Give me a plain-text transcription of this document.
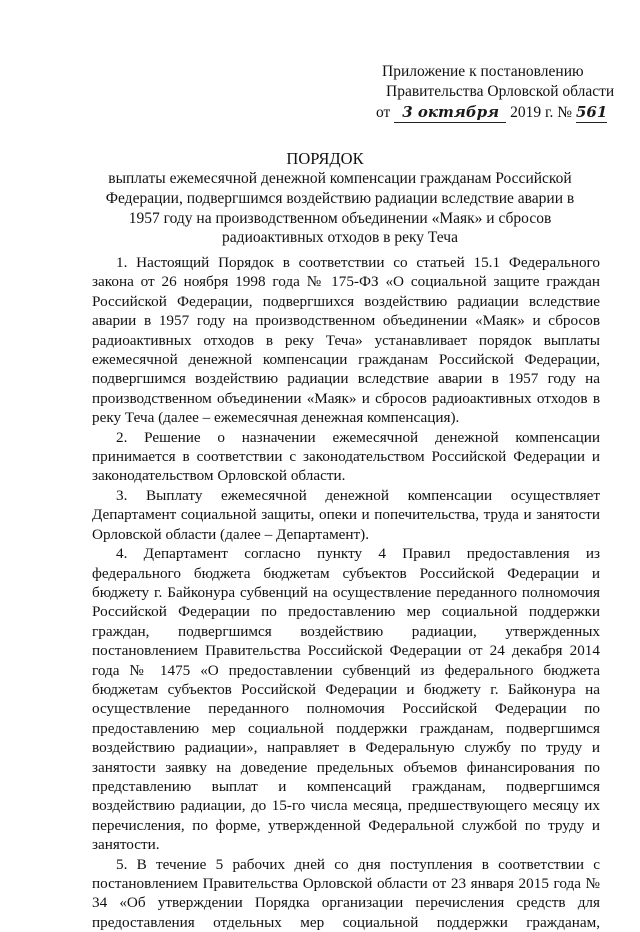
Приложение к постановлению
Правительства Орловской области
от 3 октября 2019 г. № 561
ПОРЯДОК
выплаты ежемесячной денежной компенсации гражданам Российской Федерации, подвергшимся воздействию радиации вследствие аварии в 1957 году на производственном объединении «Маяк» и сбросов радиоактивных отходов в реку Теча

1. Настоящий Порядок в соответствии со статьей 15.1 Федерального закона от 26 ноября 1998 года № 175-ФЗ «О социальной защите граждан Российской Федерации, подвергшихся воздействию радиации вследствие аварии в 1957 году на производственном объединении «Маяк» и сбросов радиоактивных отходов в реку Теча» устанавливает порядок выплаты ежемесячной денежной компенсации гражданам Российской Федерации, подвергшимся воздействию радиации вследствие аварии в 1957 году на производственном объединении «Маяк» и сбросов радиоактивных отходов в реку Теча (далее – ежемесячная денежная компенсация).

2. Решение о назначении ежемесячной денежной компенсации принимается в соответствии с законодательством Российской Федерации и законодательством Орловской области.

3. Выплату ежемесячной денежной компенсации осуществляет Департамент социальной защиты, опеки и попечительства, труда и занятости Орловской области (далее – Департамент).

4. Департамент согласно пункту 4 Правил предоставления из федерального бюджета бюджетам субъектов Российской Федерации и бюджету г. Байконура субвенций на осуществление переданного полномочия Российской Федерации по предоставлению мер социальной поддержки граждан, подвергшимся воздействию радиации, утвержденных постановлением Правительства Российской Федерации от 24 декабря 2014 года № 1475 «О предоставлении субвенций из федерального бюджета бюджетам субъектов Российской Федерации и бюджету г. Байконура на осуществление переданного полномочия Российской Федерации по предоставлению мер социальной поддержки гражданам, подвергшимся воздействию радиации», направляет в Федеральную службу по труду и занятости заявку на доведение предельных объемов финансирования по представлению выплат и компенсаций гражданам, подвергшимся воздействию радиации, до 15-го числа месяца, предшествующего месяцу их перечисления, по форме, утвержденной Федеральной службой по труду и занятости.

5. В течение 5 рабочих дней со дня поступления в соответствии с постановлением Правительства Орловской области от 23 января 2015 года № 34 «Об утверждении Порядка организации перечисления средств для предоставления отдельных мер социальной поддержки гражданам,
